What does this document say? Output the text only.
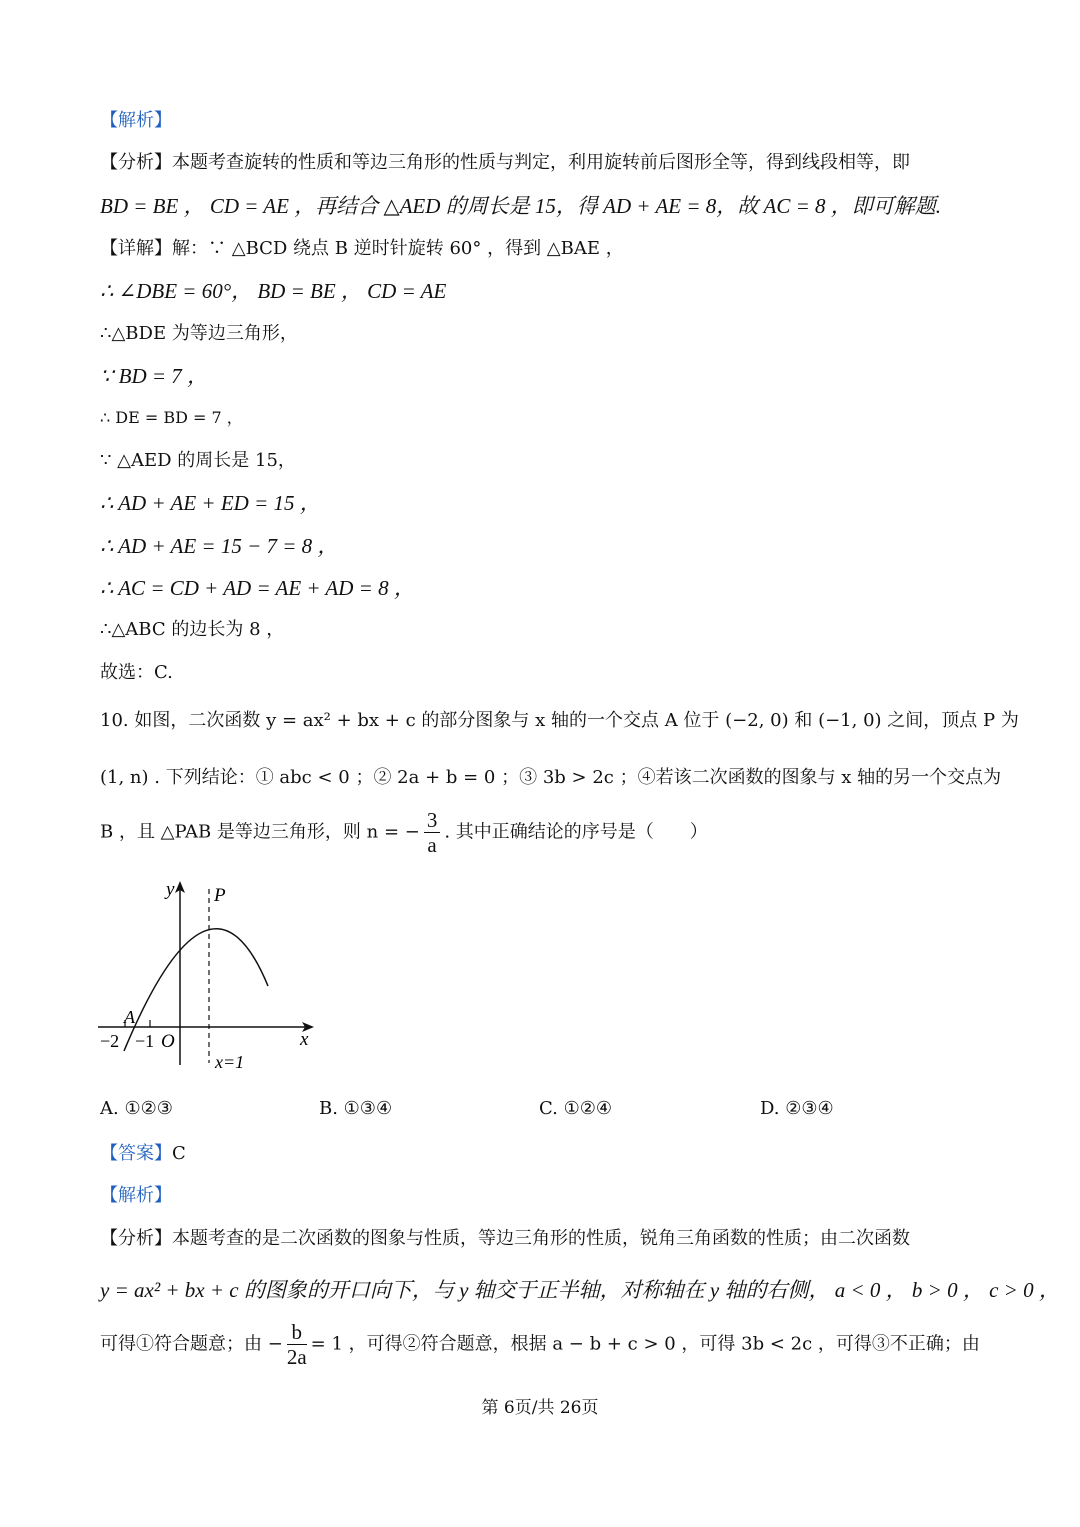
【解析】
【分析】本题考查旋转的性质和等边三角形的性质与判定，利用旋转前后图形全等，得到线段相等，即
BD = BE ， CD = AE ，再结合 △AED 的周长是 15，得 AD + AE = 8，故 AC = 8 ，即可解题.
【详解】解：∵ △BCD 绕点 B 逆时针旋转 60° ，得到 △BAE ，
∴ ∠DBE = 60°， BD = BE ， CD = AE
∴△BDE 为等边三角形，
∵ BD = 7 ，
∴ DE = BD = 7 ，
∵ △AED 的周长是 15，
∴ AD + AE + ED = 15 ，
∴ AD + AE = 15 − 7 = 8 ，
∴ AC = CD + AD = AE + AD = 8 ，
∴△ABC 的边长为 8 ，
故选：C.
10. 如图，二次函数 y = ax² + bx + c 的部分图象与 x 轴的一个交点 A 位于 (−2, 0) 和 (−1, 0) 之间，顶点 P 为
(1, n) . 下列结论：① abc < 0 ；② 2a + b = 0 ；③ 3b > 2c ；④若该二次函数的图象与 x 轴的另一个交点为
B ，且 △PAB 是等边三角形，则 n = − $\frac{3}{a}$ . 其中正确结论的序号是（　　）
y P
A
x
−2 −1 O
x=1
A. ①②③	B. ①③④	C. ①②④	D. ②③④
【答案】C
【解析】
【分析】本题考查的是二次函数的图象与性质，等边三角形的性质，锐角三角函数的性质；由二次函数
y = ax² + bx + c 的图象的开口向下，与 y 轴交于正半轴，对称轴在 y 轴的右侧， a < 0 ， b > 0 ， c > 0 ，
可得①符合题意；由 − $\frac{b}{2a} = 1$ ，可得②符合题意，根据 a − b + c > 0 ，可得 3b < 2c ，可得③不正确；由
第 6页/共 26页
